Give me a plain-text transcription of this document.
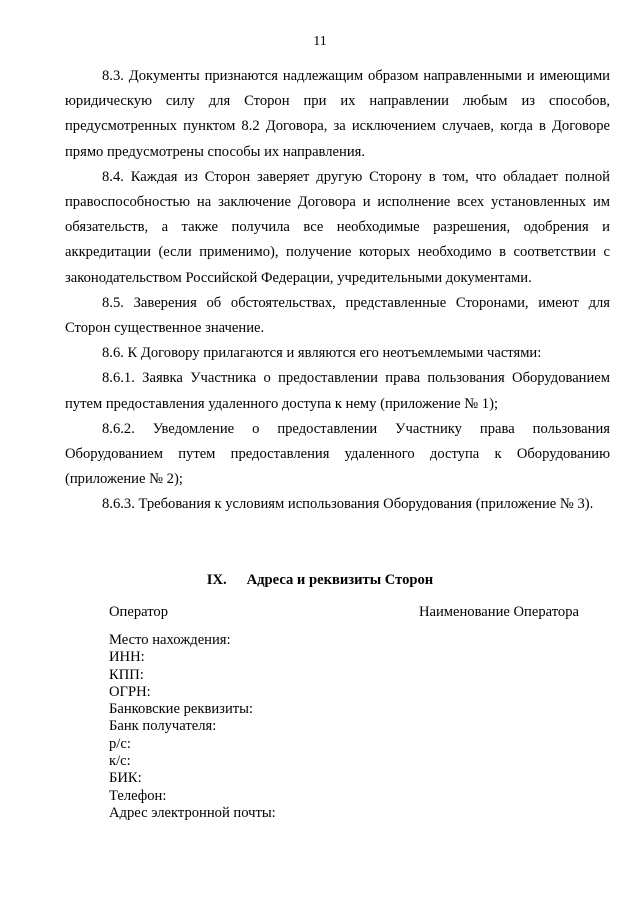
11

8.3. Документы признаются надлежащим образом направленными и имеющими юридическую силу для Сторон при их направлении любым из способов, предусмотренных пунктом 8.2 Договора, за исключением случаев, когда в Договоре прямо предусмотрены способы их направления.

8.4. Каждая из Сторон заверяет другую Сторону в том, что обладает полной правоспособностью на заключение Договора и исполнение всех установленных им обязательств, а также получила все необходимые разрешения, одобрения и аккредитации (если применимо), получение которых необходимо в соответствии с законодательством Российской Федерации, учредительными документами.

8.5. Заверения об обстоятельствах, представленные Сторонами, имеют для Сторон существенное значение.

8.6. К Договору прилагаются и являются его неотъемлемыми частями:

8.6.1. Заявка Участника о предоставлении права пользования Оборудованием путем предоставления удаленного доступа к нему (приложение № 1);

8.6.2. Уведомление о предоставлении Участнику права пользования Оборудованием путем предоставления удаленного доступа к Оборудованию (приложение № 2);

8.6.3. Требования к условиям использования Оборудования (приложение № 3).

IX. Адреса и реквизиты Сторон
Оператор	Наименование Оператора
Место нахождения:
ИНН:
КПП:
ОГРН:
Банковские реквизиты:
Банк получателя:
р/с:
к/с:
БИК:
Телефон:
Адрес электронной почты:
